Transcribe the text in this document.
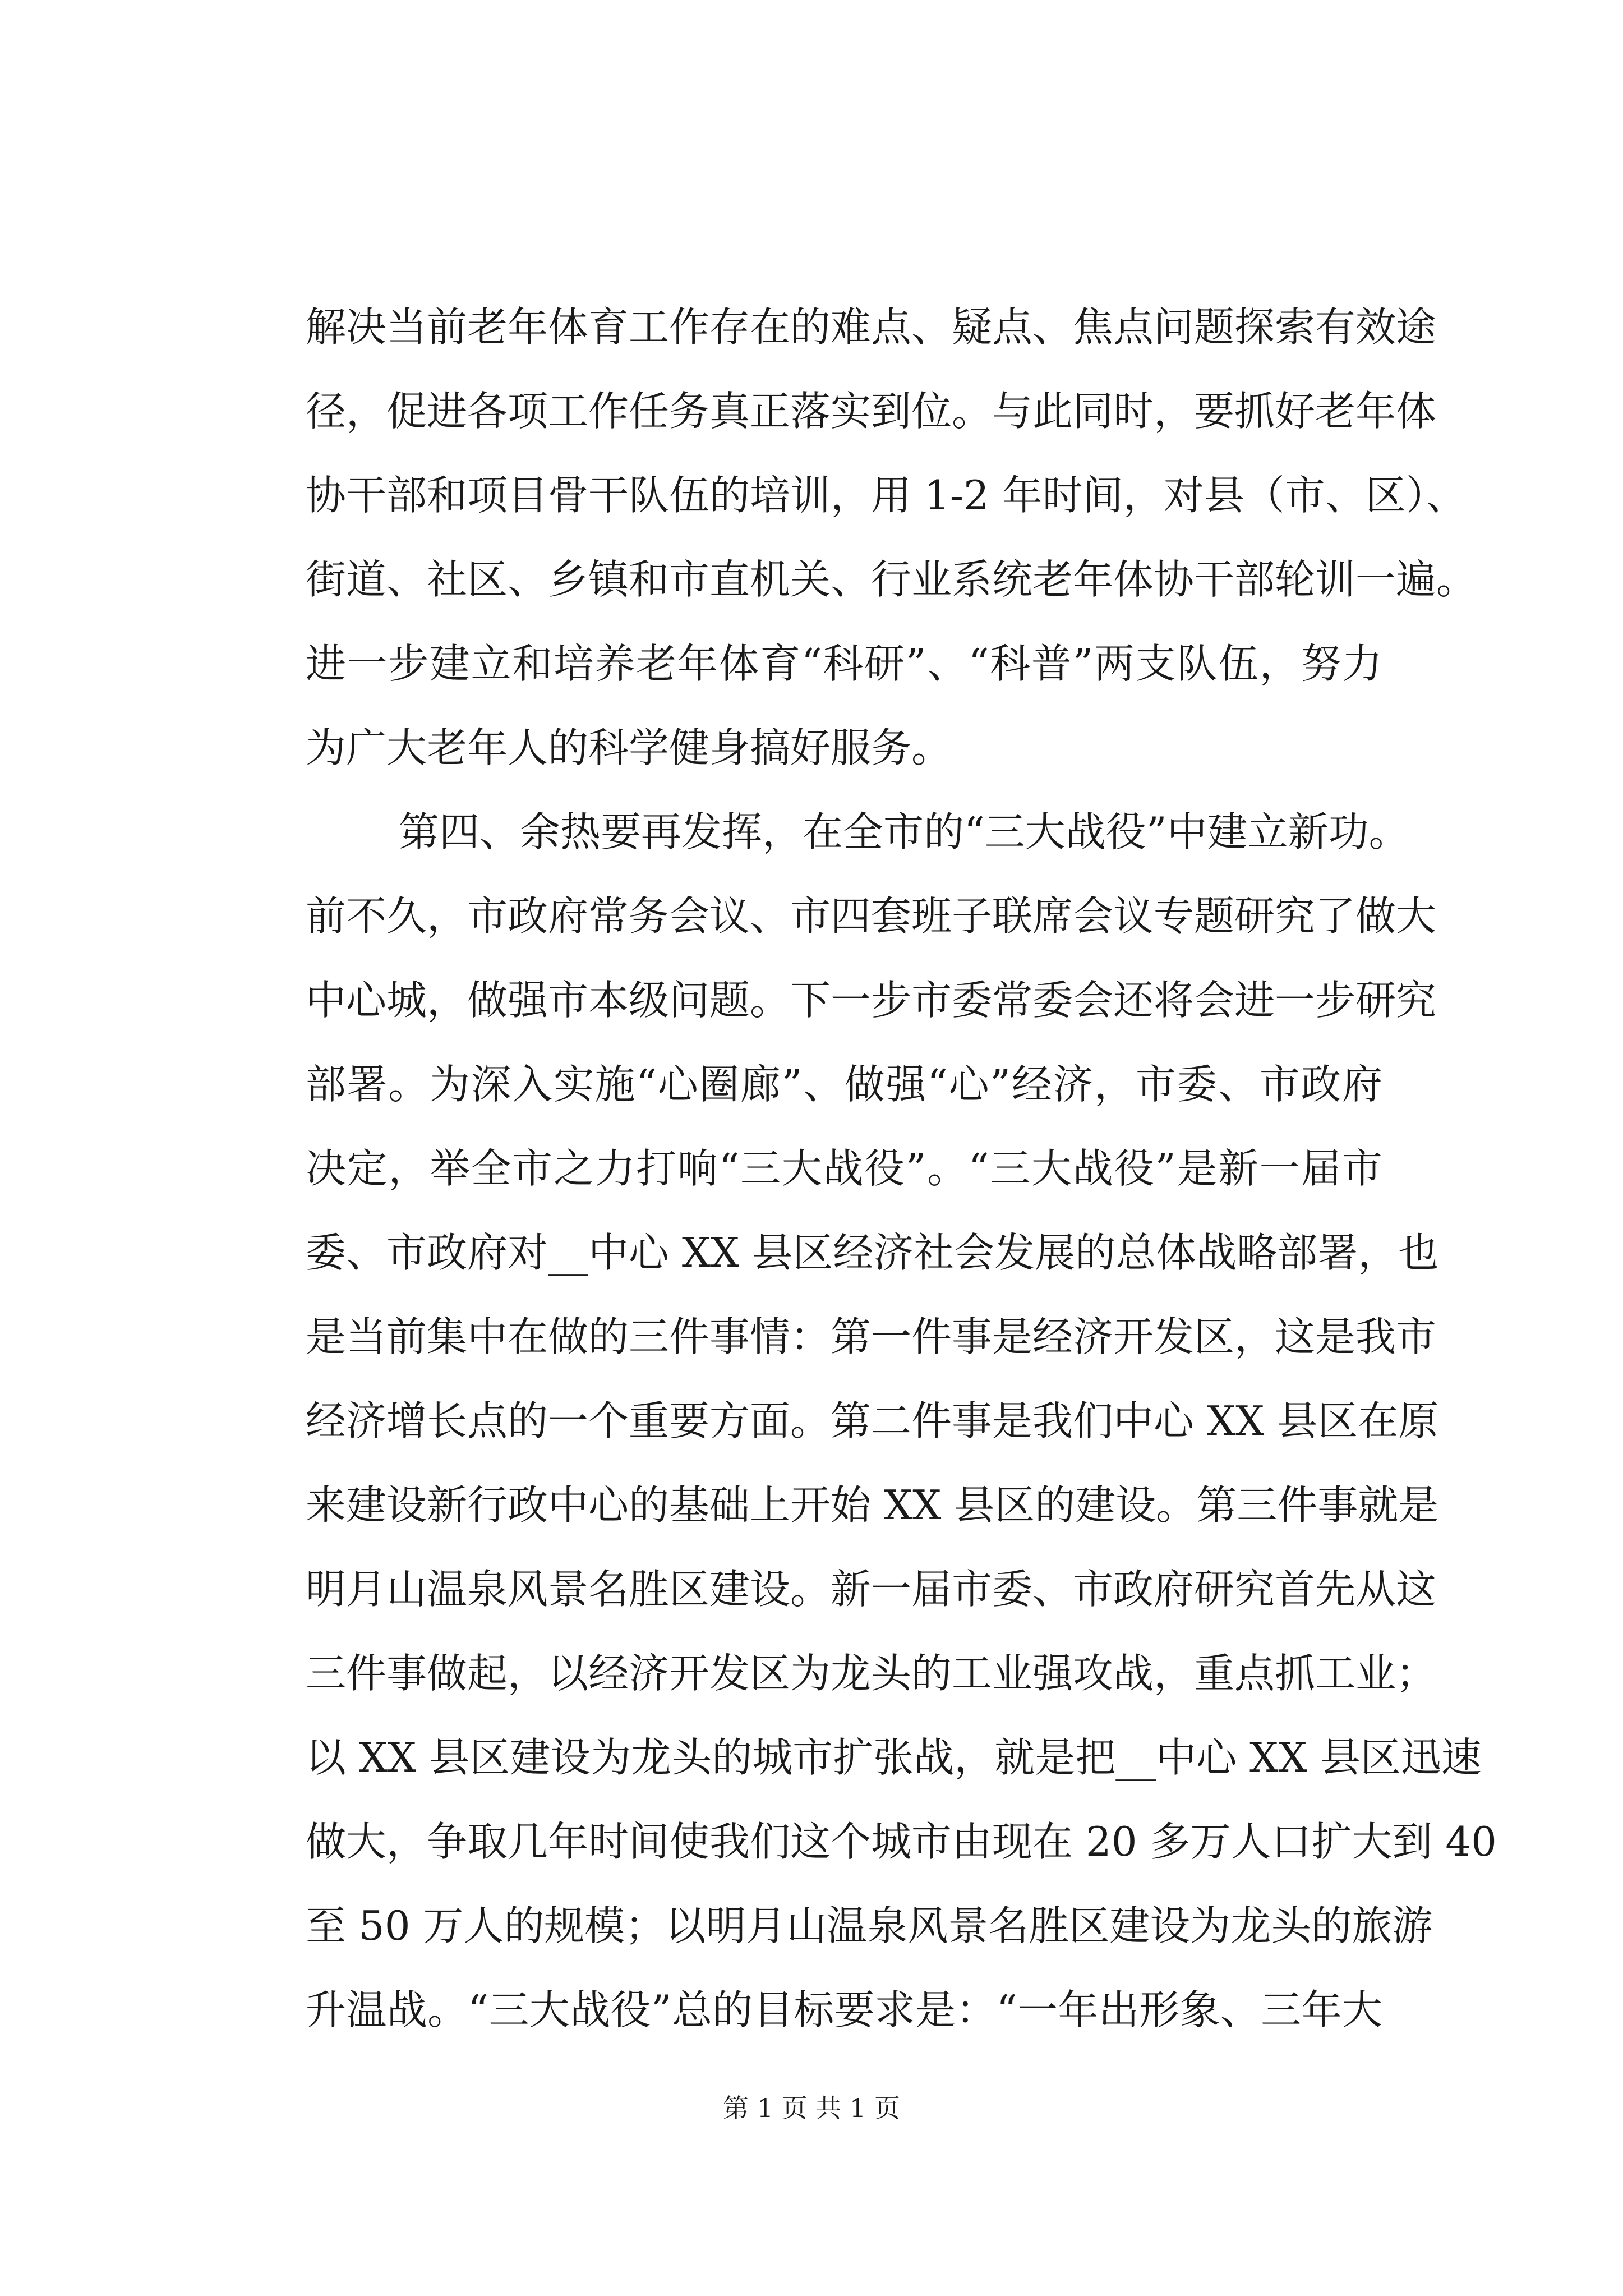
解决当前老年体育工作存在的难点、疑点、焦点问题探索有效途
径，促进各项工作任务真正落实到位。与此同时，要抓好老年体
协干部和项目骨干队伍的培训，用 1-2 年时间，对县（市、区）、
街道、社区、乡镇和市直机关、行业系统老年体协干部轮训一遍。
进一步建立和培养老年体育“科研”、“科普”两支队伍，努力
为广大老年人的科学健身搞好服务。
第四、余热要再发挥，在全市的“三大战役”中建立新功。
前不久，市政府常务会议、市四套班子联席会议专题研究了做大
中心城，做强市本级问题。下一步市委常委会还将会进一步研究
部署。为深入实施“心圈廊”、做强“心”经济，市委、市政府
决定，举全市之力打响“三大战役”。“三大战役”是新一届市
委、市政府对__中心 XX 县区经济社会发展的总体战略部署，也
是当前集中在做的三件事情：第一件事是经济开发区，这是我市
经济增长点的一个重要方面。第二件事是我们中心 XX 县区在原
来建设新行政中心的基础上开始 XX 县区的建设。第三件事就是
明月山温泉风景名胜区建设。新一届市委、市政府研究首先从这
三件事做起，以经济开发区为龙头的工业强攻战，重点抓工业；
以 XX 县区建设为龙头的城市扩张战，就是把__中心 XX 县区迅速
做大，争取几年时间使我们这个城市由现在 20 多万人口扩大到 40
至 50 万人的规模；以明月山温泉风景名胜区建设为龙头的旅游
升温战。“三大战役”总的目标要求是：“一年出形象、三年大
第 1 页 共 1 页
